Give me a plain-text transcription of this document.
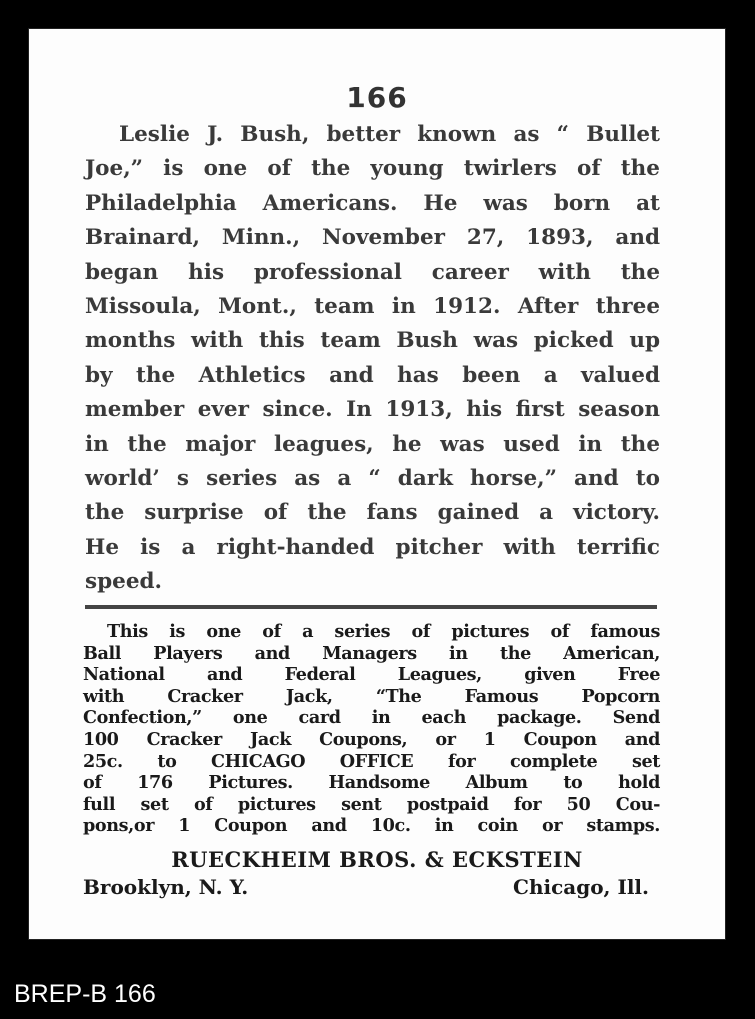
166
Leslie J. Bush, better known as “ Bullet
Joe,” is one of the young twirlers of the
Philadelphia Americans. He was born at
Brainard, Minn., November 27, 1893, and
began his professional career with the
Missoula, Mont., team in 1912. After three
months with this team Bush was picked up
by the Athletics and has been a valued
member ever since. In 1913, his first season
in the major leagues, he was used in the
world’ s series as a “ dark horse,” and to
the surprise of the fans gained a victory.
He is a right-handed pitcher with terrific
speed.
This is one of a series of pictures of famous
Ball Players and Managers in the American,
National and Federal Leagues, given Free
with Cracker Jack, “The Famous Popcorn
Confection,” one card in each package. Send
100 Cracker Jack Coupons, or 1 Coupon and
25c. to CHICAGO OFFICE for complete set
of 176 Pictures. Handsome Album to hold
full set of pictures sent postpaid for 50 Cou-
pons,or 1 Coupon and 10c. in coin or stamps.
RUECKHEIM BROS. & ECKSTEIN
Brooklyn, N. Y.	Chicago, Ill.
BREP-B 166
